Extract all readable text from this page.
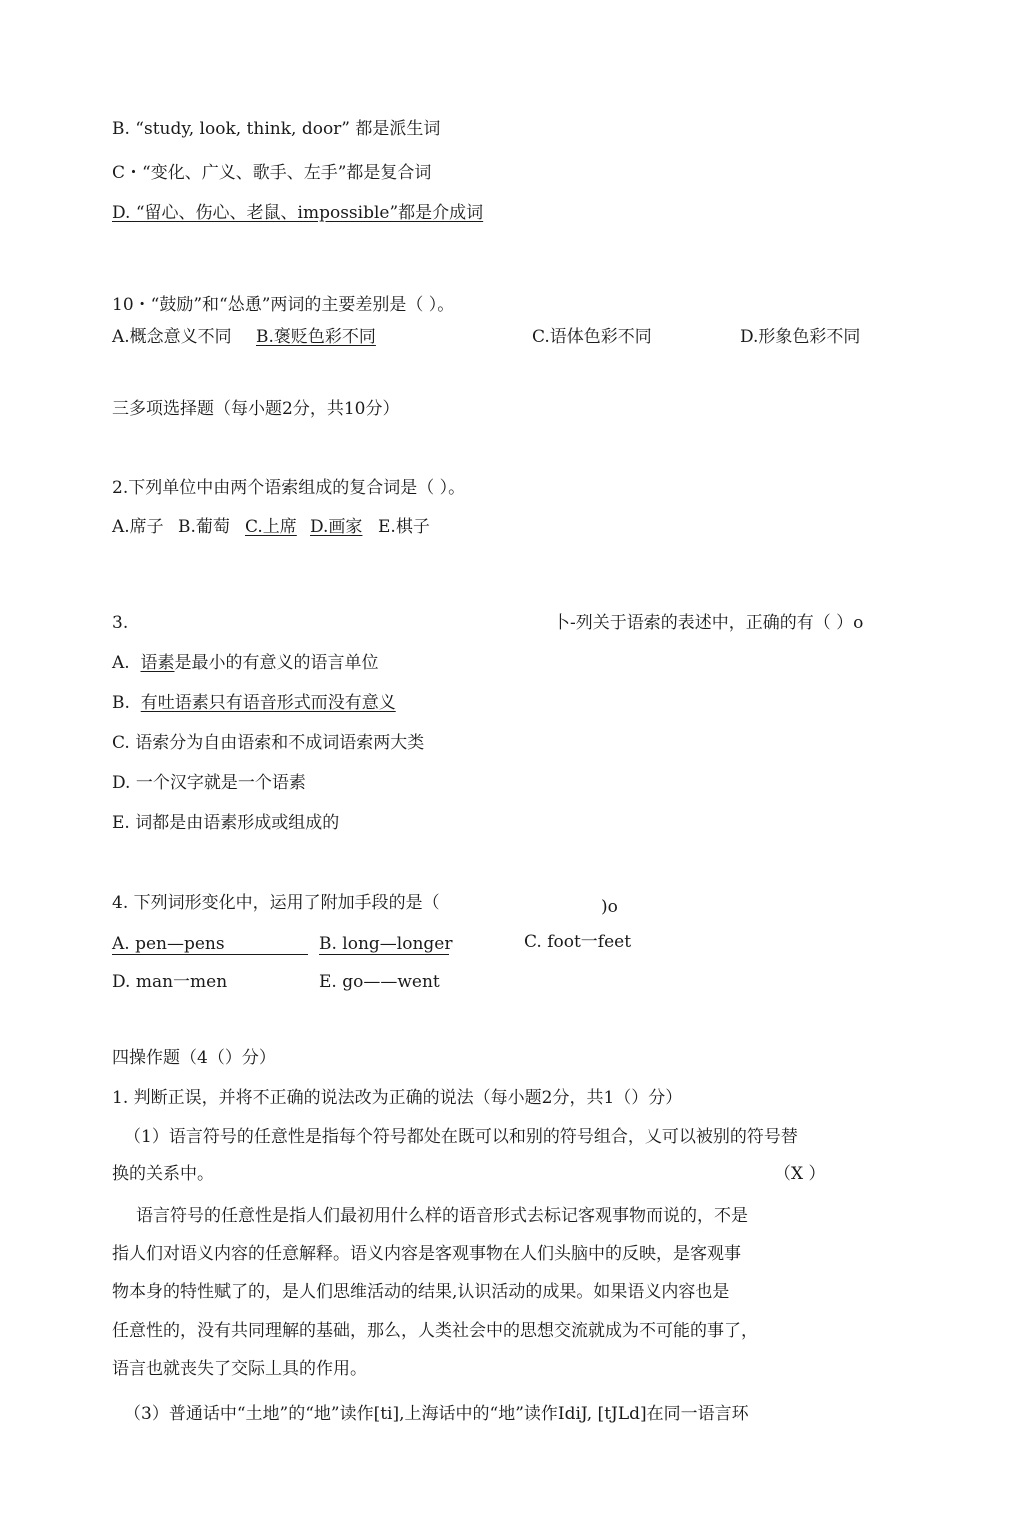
B. “study, look, think, door” 都是派生词
C・“变化、广义、歌手、左手”都是复合词
D. “留心、伤心、老鼠、impossible”都是介成词
10・“鼓励”和“怂恿”两词的主要差别是（ ）。
A.概念意义不同 B.褒贬色彩不同	C.语体色彩不同	D.形象色彩不同
三多项选择题（每小题2分，共10分）
2.下列单位中由两个语索组成的复合词是（ ）。
A.席子 B.葡萄 C.上席 D.画家 E.棋子
3.	卜-列关于语索的表述中，正确的有（ ）o
A. 语素是最小的有意义的语言单位
B. 有吐语素只有语音形式而没有意义
C. 语索分为自由语索和不成词语索两大类
D. 一个汉字就是一个语素
E. 词都是由语素形成或组成的
4. 下列词形变化中，运用了附加手段的是（	)o
A. pen—pens	B. long—longer	C. foot一feet
D. man一men	E. go——went
四操作题（4（）分）
1. 判断正误，并将不正确的说法改为正确的说法（每小题2分，共1（）分）
（1）语言符号的任意性是指每个符号都处在既可以和别的符号组合，乂可以被别的符号替
换的关系中。	（X ）
语言符号的任意性是指人们最初用什么样的语音形式去标记客观事物而说的，不是
指人们对语义内容的任意解释。语义内容是客观事物在人们头脑中的反映，是客观事
物本身的特性赋了的，是人们思维活动的结果,认识活动的成果。如果语义内容也是
任意性的，没有共同理解的基础，那么，人类社会中的思想交流就成为不可能的事了，
语言也就丧失了交际丄具的作用。
（3）普通话中“土地”的“地”读作[ti],上海话中的“地”读作IdiJ, [tJLd]在同一语言环
